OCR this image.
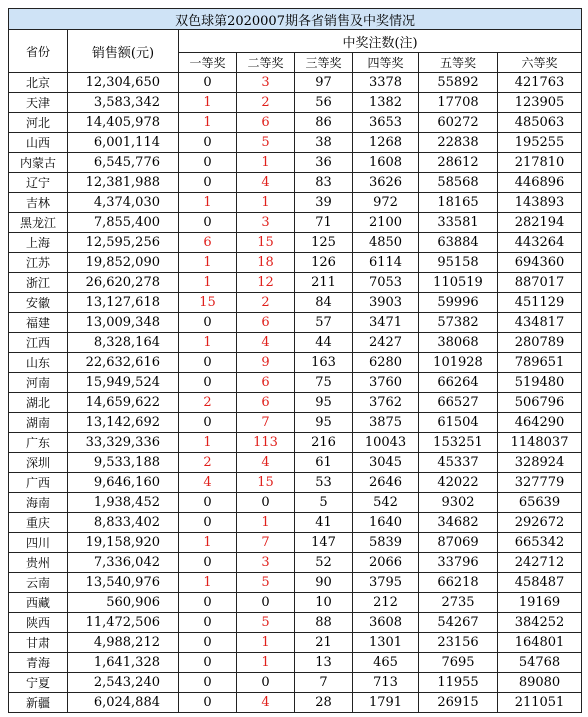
双色球第2020007期各省销售及中奖情况							
省份	销售额(元)	中奖注数(注)					
		一等奖	二等奖	三等奖	四等奖	五等奖	六等奖
北京	12,304,650	0	3	97	3378	55892	421763
天津	3,583,342	1	2	56	1382	17708	123905
河北	14,405,978	1	6	86	3653	60272	485063
山西	6,001,114	0	5	38	1268	22838	195255
内蒙古	6,545,776	0	1	36	1608	28612	217810
辽宁	12,381,988	0	4	83	3626	58568	446896
吉林	4,374,030	1	1	39	972	18165	143893
黑龙江	7,855,400	0	3	71	2100	33581	282194
上海	12,595,256	6	15	125	4850	63884	443264
江苏	19,852,090	1	18	126	6114	95158	694360
浙江	26,620,278	1	12	211	7053	110519	887017
安徽	13,127,618	15	2	84	3903	59996	451129
福建	13,009,348	0	6	57	3471	57382	434817
江西	8,328,164	1	4	44	2427	38068	280789
山东	22,632,616	0	9	163	6280	101928	789651
河南	15,949,524	0	6	75	3760	66264	519480
湖北	14,659,622	2	6	95	3762	66527	506796
湖南	13,142,692	0	7	95	3875	61504	464290
广东	33,329,336	1	113	216	10043	153251	1148037
深圳	9,533,188	2	4	61	3045	45337	328924
广西	9,646,160	4	15	53	2646	42022	327779
海南	1,938,452	0	0	5	542	9302	65639
重庆	8,833,402	0	1	41	1640	34682	292672
四川	19,158,920	1	7	147	5839	87069	665342
贵州	7,336,042	0	3	52	2066	33796	242712
云南	13,540,976	1	5	90	3795	66218	458487
西藏	560,906	0	0	10	212	2735	19169
陕西	11,472,506	0	5	88	3608	54267	384252
甘肃	4,988,212	0	1	21	1301	23156	164801
青海	1,641,328	0	1	13	465	7695	54768
宁夏	2,543,240	0	0	7	713	11955	89080
新疆	6,024,884	0	4	28	1791	26915	211051
